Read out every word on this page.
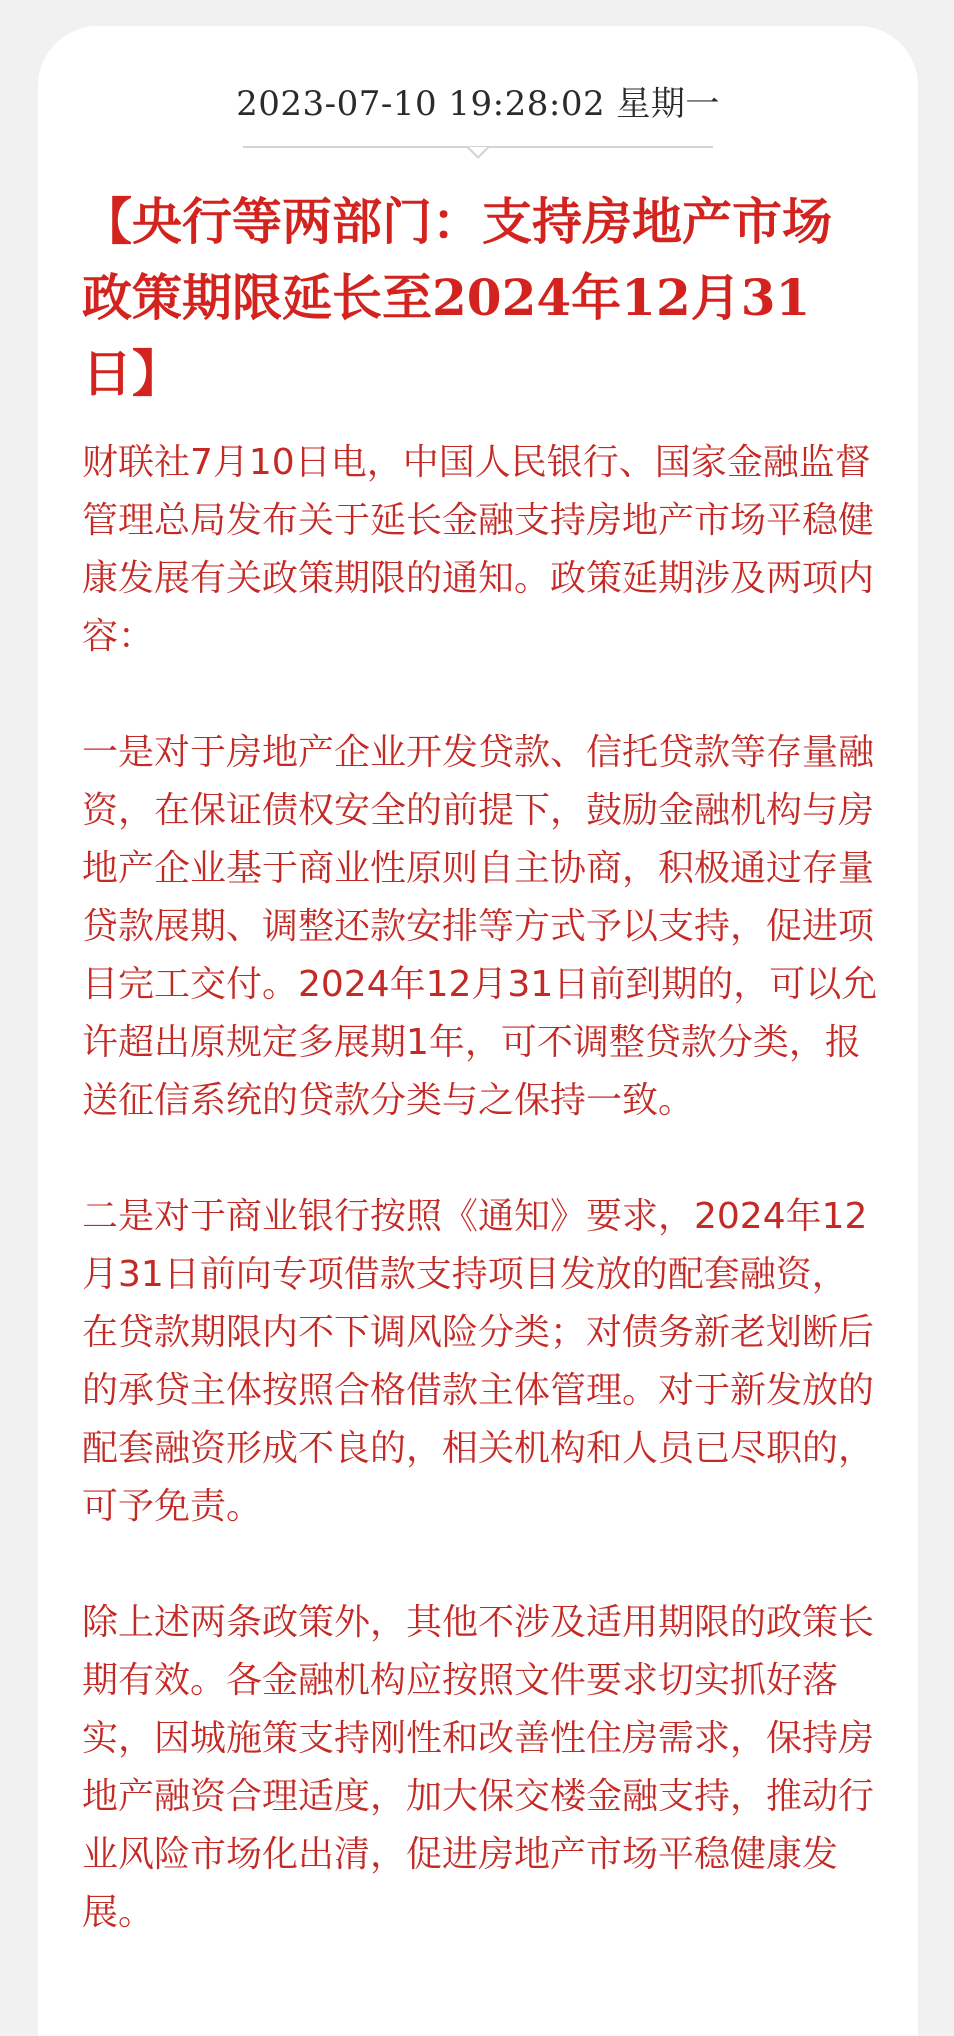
2023-07-10 19:28:02 星期一
【央行等两部门：支持房地产市场政策期限延长至2024年12月31日】

财联社7月10日电，中国人民银行、国家金融监督管理总局发布关于延长金融支持房地产市场平稳健康发展有关政策期限的通知。政策延期涉及两项内容：

一是对于房地产企业开发贷款、信托贷款等存量融资，在保证债权安全的前提下，鼓励金融机构与房地产企业基于商业性原则自主协商，积极通过存量贷款展期、调整还款安排等方式予以支持，促进项目完工交付。2024年12月31日前到期的，可以允许超出原规定多展期1年，可不调整贷款分类，报送征信系统的贷款分类与之保持一致。

二是对于商业银行按照《通知》要求，2024年12月31日前向专项借款支持项目发放的配套融资，在贷款期限内不下调风险分类；对债务新老划断后的承贷主体按照合格借款主体管理。对于新发放的配套融资形成不良的，相关机构和人员已尽职的，可予免责。

除上述两条政策外，其他不涉及适用期限的政策长期有效。各金融机构应按照文件要求切实抓好落实，因城施策支持刚性和改善性住房需求，保持房地产融资合理适度，加大保交楼金融支持，推动行业风险市场化出清，促进房地产市场平稳健康发展。
